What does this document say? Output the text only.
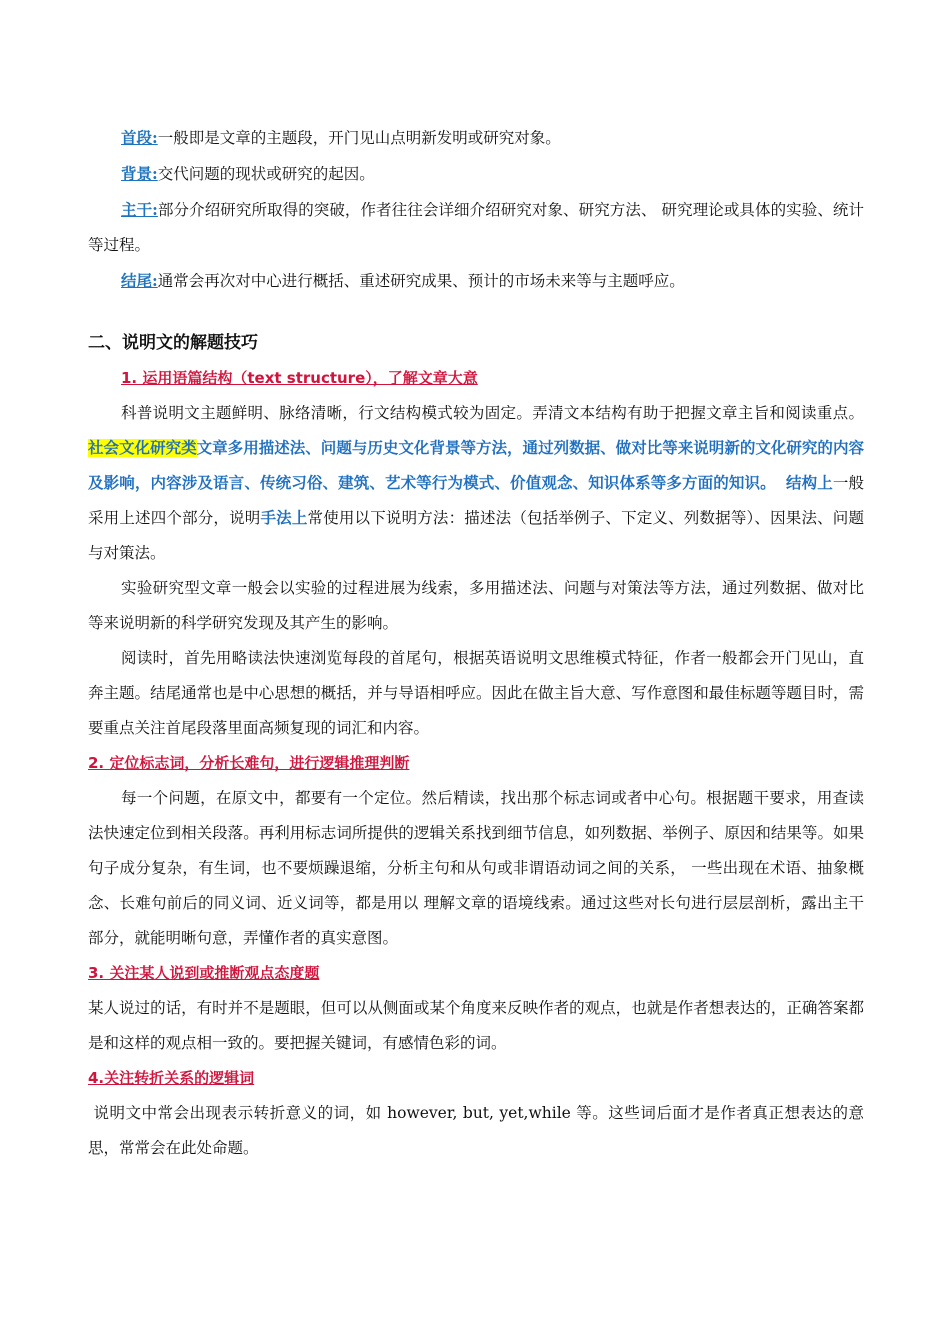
首段:一般即是文章的主题段，开门见山点明新发明或研究对象。

背景:交代问题的现状或研究的起因。

主干:部分介绍研究所取得的突破，作者往往会详细介绍研究对象、研究方法、 研究理论或具体的实验、统计等过程。

结尾:通常会再次对中心进行概括、重述研究成果、预计的市场未来等与主题呼应。

二、说明文的解题技巧

1. 运用语篇结构（text structure），了解文章大意

科普说明文主题鲜明、脉络清晰，行文结构模式较为固定。弄清文本结构有助于把握文章主旨和阅读重点。社会文化研究类文章多用描述法、问题与历史文化背景等方法，通过列数据、做对比等来说明新的文化研究的内容及影响，内容涉及语言、传统习俗、建筑、艺术等行为模式、价值观念、知识体系等多方面的知识。 结构上一般采用上述四个部分，说明手法上常使用以下说明方法：描述法（包括举例子、下定义、列数据等）、因果法、问题与对策法。

实验研究型文章一般会以实验的过程进展为线索，多用描述法、问题与对策法等方法，通过列数据、做对比等来说明新的科学研究发现及其产生的影响。

阅读时，首先用略读法快速浏览每段的首尾句，根据英语说明文思维模式特征，作者一般都会开门见山，直奔主题。结尾通常也是中心思想的概括，并与导语相呼应。因此在做主旨大意、写作意图和最佳标题等题目时，需要重点关注首尾段落里面高频复现的词汇和内容。

2. 定位标志词，分析长难句，进行逻辑推理判断

每一个问题，在原文中，都要有一个定位。然后精读，找出那个标志词或者中心句。根据题干要求，用查读法快速定位到相关段落。再利用标志词所提供的逻辑关系找到细节信息，如列数据、举例子、原因和结果等。如果句子成分复杂，有生词，也不要烦躁退缩，分析主句和从句或非谓语动词之间的关系， 一些出现在术语、抽象概念、长难句前后的同义词、近义词等，都是用以 理解文章的语境线索。通过这些对长句进行层层剖析，露出主干部分，就能明晰句意，弄懂作者的真实意图。

3. 关注某人说到或推断观点态度题

某人说过的话，有时并不是题眼，但可以从侧面或某个角度来反映作者的观点，也就是作者想表达的，正确答案都是和这样的观点相一致的。要把握关键词，有感情色彩的词。

4.关注转折关系的逻辑词

说明文中常会出现表示转折意义的词，如 however, but, yet,while 等。这些词后面才是作者真正想表达的意思，常常会在此处命题。
